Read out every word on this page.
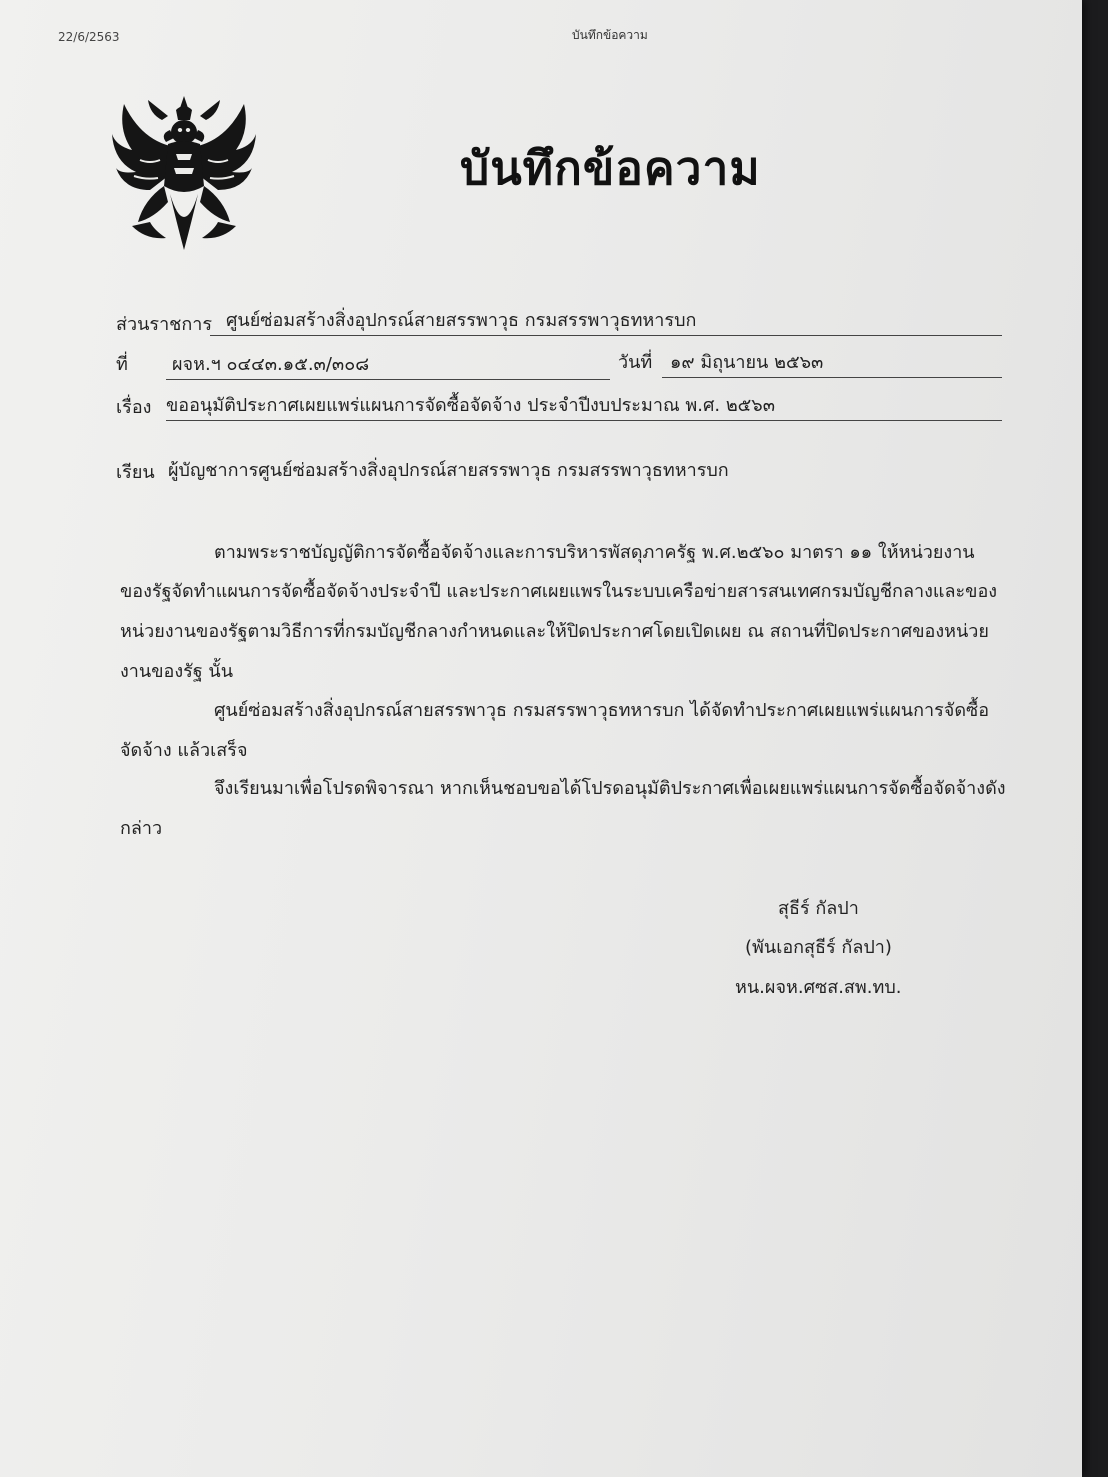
22/6/2563	บันทึกข้อความ
บันทึกข้อความ
ส่วนราชการ ศูนย์ซ่อมสร้างสิ่งอุปกรณ์สายสรรพาวุธ กรมสรรพาวุธทหารบก
ที่ ผจห.ฯ ๐๔๔๓.๑๕.๓/๓๐๘	วันที่ ๑๙ มิถุนายน ๒๕๖๓
เรื่อง ขออนุมัติประกาศเผยแพร่แผนการจัดซื้อจัดจ้าง ประจำปีงบประมาณ พ.ศ. ๒๕๖๓
เรียน ผู้บัญชาการศูนย์ซ่อมสร้างสิ่งอุปกรณ์สายสรรพาวุธ กรมสรรพาวุธทหารบก
ตามพระราชบัญญัติการจัดซื้อจัดจ้างและการบริหารพัสดุภาครัฐ พ.ศ.๒๕๖๐ มาตรา ๑๑ ให้หน่วยงาน
ของรัฐจัดทำแผนการจัดซื้อจัดจ้างประจำปี และประกาศเผยแพรในระบบเครือข่ายสารสนเทศกรมบัญชีกลางและของ
หน่วยงานของรัฐตามวิธีการที่กรมบัญชีกลางกำหนดและให้ปิดประกาศโดยเปิดเผย ณ สถานที่ปิดประกาศของหน่วย
งานของรัฐ นั้น
ศูนย์ซ่อมสร้างสิ่งอุปกรณ์สายสรรพาวุธ กรมสรรพาวุธทหารบก ได้จัดทำประกาศเผยแพร่แผนการจัดซื้อ
จัดจ้าง แล้วเสร็จ
จึงเรียนมาเพื่อโปรดพิจารณา หากเห็นชอบขอได้โปรดอนุมัติประกาศเพื่อเผยแพร่แผนการจัดซื้อจัดจ้างดัง
กล่าว
สุธีร์ กัลปา
(พันเอกสุธีร์ กัลปา)
หน.ผจห.ศซส.สพ.ทบ.
